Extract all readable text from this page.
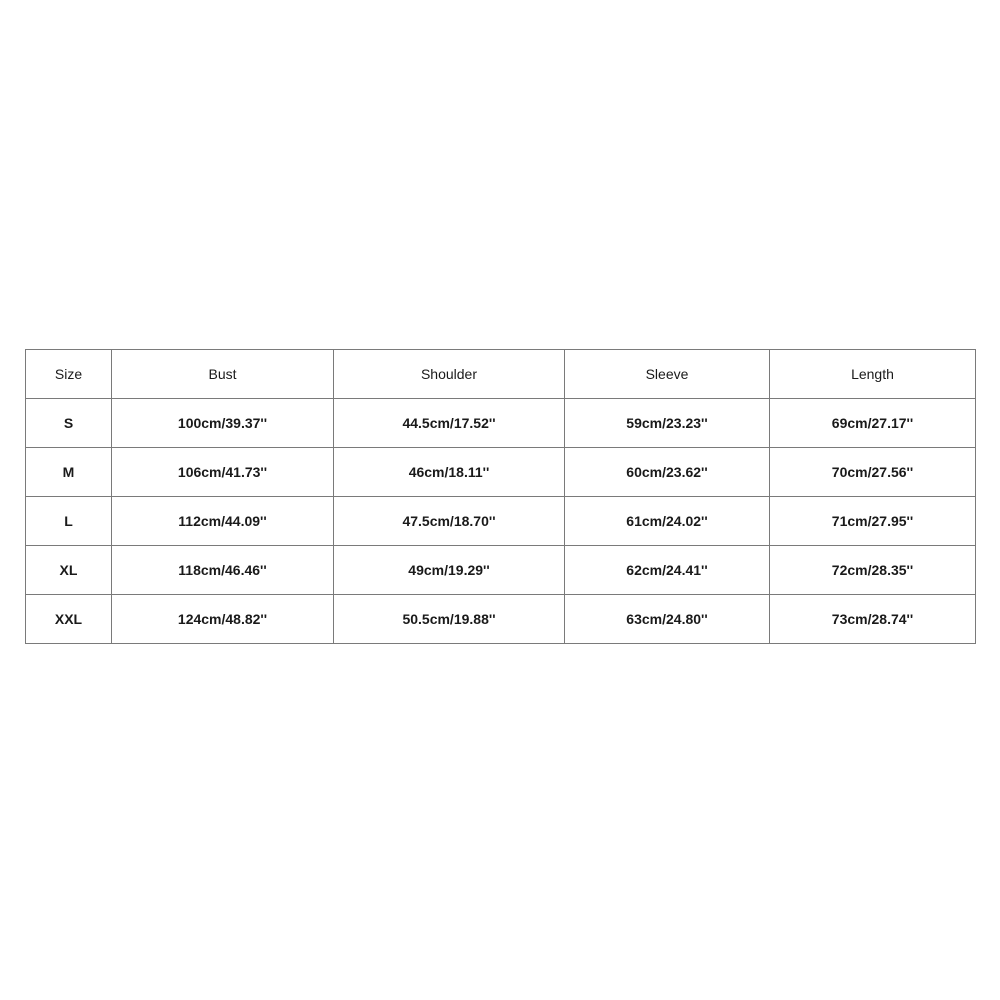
Size	Bust	Shoulder	Sleeve	Length
S	100cm/39.37''	44.5cm/17.52''	59cm/23.23''	69cm/27.17''
M	106cm/41.73''	46cm/18.11''	60cm/23.62''	70cm/27.56''
L	112cm/44.09''	47.5cm/18.70''	61cm/24.02''	71cm/27.95''
XL	118cm/46.46''	49cm/19.29''	62cm/24.41''	72cm/28.35''
XXL	124cm/48.82''	50.5cm/19.88''	63cm/24.80''	73cm/28.74''
